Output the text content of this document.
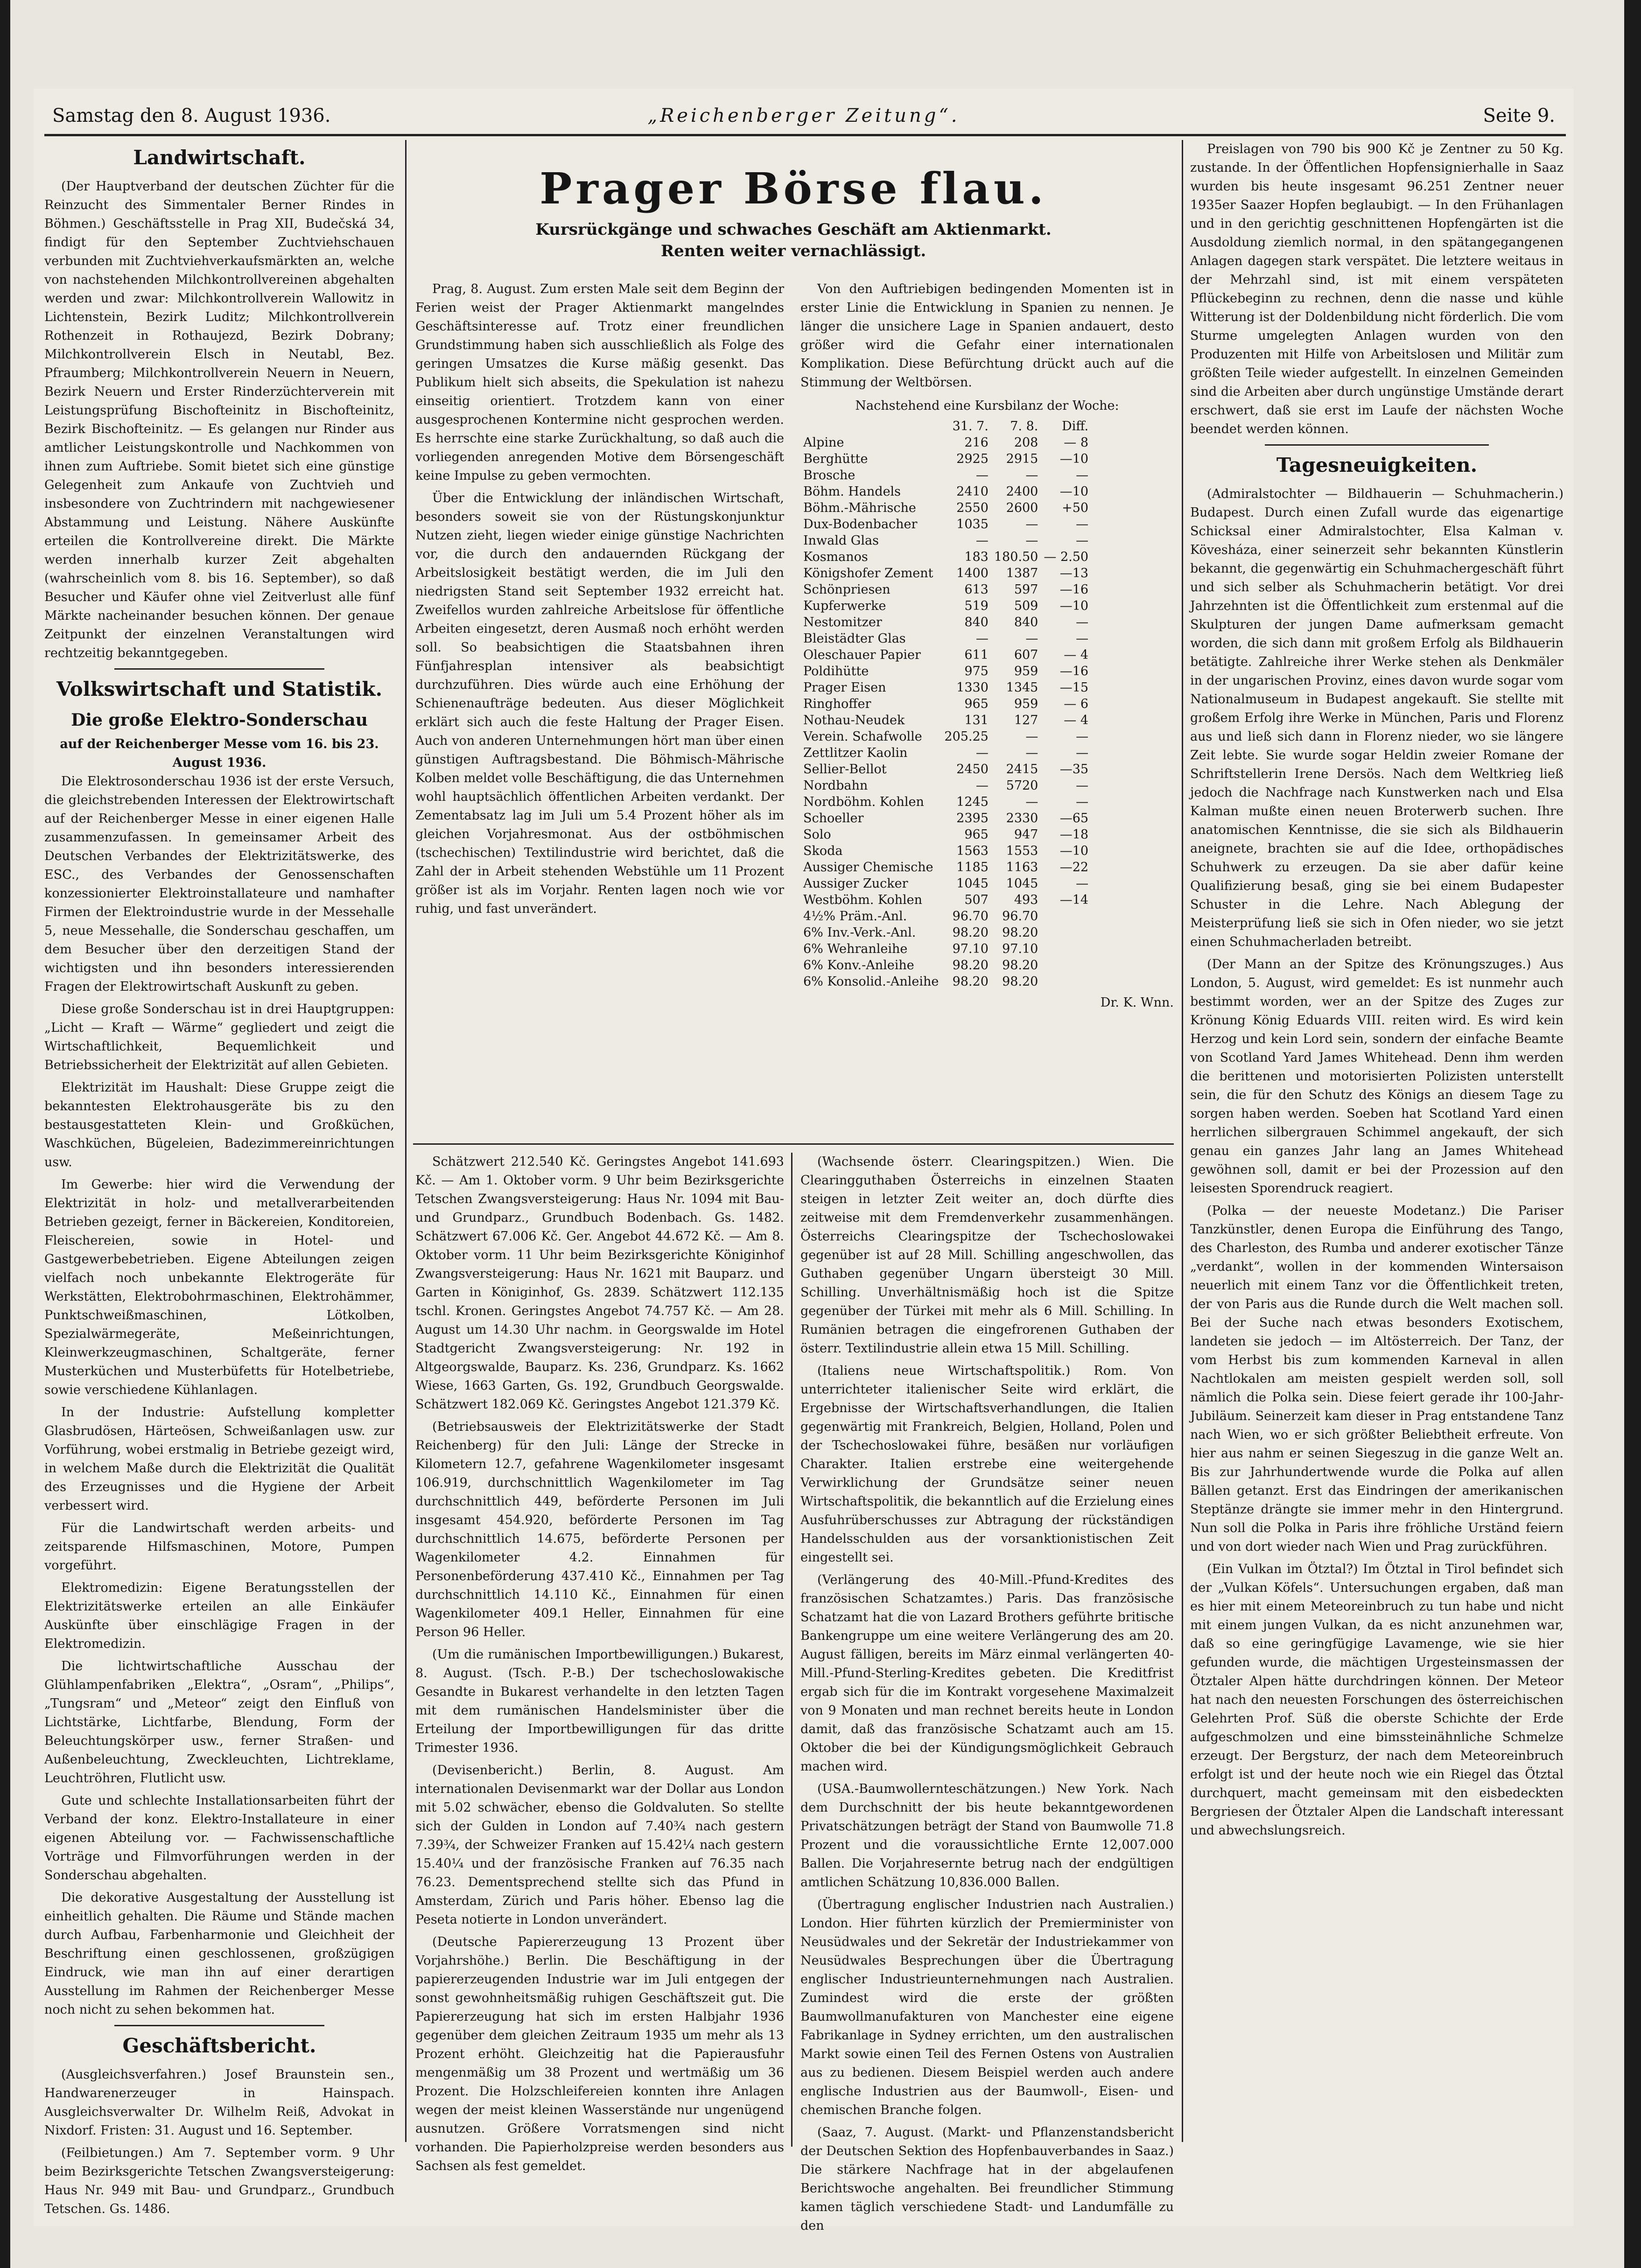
Samstag den 8. August 1936.	„Reichenberger Zeitung“.	Seite 9.
Landwirtschaft.

(Der Hauptverband der deutschen Züchter für die Reinzucht des Simmentaler Berner Rindes in Böhmen.) Geschäftsstelle in Prag XII, Budečská 34, findigt für den September Zuchtviehschauen verbunden mit Zuchtviehverkaufsmärkten an, welche von nachstehenden Milchkontrollvereinen abgehalten werden und zwar: Milchkontrollverein Wallowitz in Lichtenstein, Bezirk Luditz; Milchkontrollverein Rothenzeit in Rothaujezd, Bezirk Dobrany; Milchkontrollverein Elsch in Neutabl, Bez. Pfraumberg; Milchkontrollverein Neuern in Neuern, Bezirk Neuern und Erster Rinderzüchterverein mit Leistungsprüfung Bischofteinitz in Bischofteinitz, Bezirk Bischofteinitz. — Es gelangen nur Rinder aus amtlicher Leistungskontrolle und Nachkommen von ihnen zum Auftriebe. Somit bietet sich eine günstige Gelegenheit zum Ankaufe von Zuchtvieh und insbesondere von Zuchtrindern mit nachgewiesener Abstammung und Leistung. Nähere Auskünfte erteilen die Kontrollvereine direkt. Die Märkte werden innerhalb kurzer Zeit abgehalten (wahrscheinlich vom 8. bis 16. September), so daß Besucher und Käufer ohne viel Zeitverlust alle fünf Märkte nacheinander besuchen können. Der genaue Zeitpunkt der einzelnen Veranstaltungen wird rechtzeitig bekanntgegeben.

Volkswirtschaft und Statistik.
Die große Elektro-Sonderschau
auf der Reichenberger Messe vom 16. bis 23. August 1936.

Die Elektrosonderschau 1936 ist der erste Versuch, die gleichstrebenden Interessen der Elektrowirtschaft auf der Reichenberger Messe in einer eigenen Halle zusammenzufassen. In gemeinsamer Arbeit des Deutschen Verbandes der Elektrizitätswerke, des ESC., des Verbandes der Genossenschaften konzessionierter Elektroinstallateure und namhafter Firmen der Elektroindustrie wurde in der Messehalle 5, neue Messehalle, die Sonderschau geschaffen, um dem Besucher über den derzeitigen Stand der wichtigsten und ihn besonders interessierenden Fragen der Elektrowirtschaft Auskunft zu geben.

Diese große Sonderschau ist in drei Hauptgruppen: „Licht — Kraft — Wärme“ gegliedert und zeigt die Wirtschaftlichkeit, Bequemlichkeit und Betriebssicherheit der Elektrizität auf allen Gebieten.

Elektrizität im Haushalt: Diese Gruppe zeigt die bekanntesten Elektrohausgeräte bis zu den bestausgestatteten Klein- und Großküchen, Waschküchen, Bügeleien, Badezimmereinrichtungen usw.

Im Gewerbe: hier wird die Verwendung der Elektrizität in holz- und metallverarbeitenden Betrieben gezeigt, ferner in Bäckereien, Konditoreien, Fleischereien, sowie in Hotel- und Gastgewerbebetrieben. Eigene Abteilungen zeigen vielfach noch unbekannte Elektrogeräte für Werkstätten, Elektrobohrmaschinen, Elektrohämmer, Punktschweißmaschinen, Lötkolben, Spezialwärmegeräte, Meßeinrichtungen, Kleinwerkzeugmaschinen, Schaltgeräte, ferner Musterküchen und Musterbüfetts für Hotelbetriebe, sowie verschiedene Kühlanlagen.

In der Industrie: Aufstellung kompletter Glasbrudösen, Härteösen, Schweißanlagen usw. zur Vorführung, wobei erstmalig in Betriebe gezeigt wird, in welchem Maße durch die Elektrizität die Qualität des Erzeugnisses und die Hygiene der Arbeit verbessert wird.

Für die Landwirtschaft werden arbeits- und zeitsparende Hilfsmaschinen, Motore, Pumpen vorgeführt.

Elektromedizin: Eigene Beratungsstellen der Elektrizitätswerke erteilen an alle Einkäufer Auskünfte über einschlägige Fragen in der Elektromedizin.

Die lichtwirtschaftliche Ausschau der Glühlampenfabriken „Elektra“, „Osram“, „Philips“, „Tungsram“ und „Meteor“ zeigt den Einfluß von Lichtstärke, Lichtfarbe, Blendung, Form der Beleuchtungskörper usw., ferner Straßen- und Außenbeleuchtung, Zweckleuchten, Lichtreklame, Leuchtröhren, Flutlicht usw.

Gute und schlechte Installationsarbeiten führt der Verband der konz. Elektro-Installateure in einer eigenen Abteilung vor. — Fachwissenschaftliche Vorträge und Filmvorführungen werden in der Sonderschau abgehalten.

Die dekorative Ausgestaltung der Ausstellung ist einheitlich gehalten. Die Räume und Stände machen durch Aufbau, Farbenharmonie und Gleichheit der Beschriftung einen geschlossenen, großzügigen Eindruck, wie man ihn auf einer derartigen Ausstellung im Rahmen der Reichenberger Messe noch nicht zu sehen bekommen hat.

Geschäftsbericht.

(Ausgleichsverfahren.) Josef Braunstein sen., Handwarenerzeuger in Hainspach. Ausgleichsverwalter Dr. Wilhelm Reiß, Advokat in Nixdorf. Fristen: 31. August und 16. September.

(Feilbietungen.) Am 7. September vorm. 9 Uhr beim Bezirksgerichte Tetschen Zwangsversteigerung: Haus Nr. 949 mit Bau- und Grundparz., Grundbuch Tetschen. Gs. 1486.

Prager Börse flau.
Kursrückgänge und schwaches Geschäft am Aktienmarkt.
Renten weiter vernachlässigt.

Prag, 8. August. Zum ersten Male seit dem Beginn der Ferien weist der Prager Aktienmarkt mangelndes Geschäftsinteresse auf. Trotz einer freundlichen Grundstimmung haben sich ausschließlich als Folge des geringen Umsatzes die Kurse mäßig gesenkt. Das Publikum hielt sich abseits, die Spekulation ist nahezu einseitig orientiert. Trotzdem kann von einer ausgesprochenen Kontermine nicht gesprochen werden. Es herrschte eine starke Zurückhaltung, so daß auch die vorliegenden anregenden Motive dem Börsengeschäft keine Impulse zu geben vermochten.

Über die Entwicklung der inländischen Wirtschaft, besonders soweit sie von der Rüstungskonjunktur Nutzen zieht, liegen wieder einige günstige Nachrichten vor, die durch den andauernden Rückgang der Arbeitslosigkeit bestätigt werden, die im Juli den niedrigsten Stand seit September 1932 erreicht hat. Zweifellos wurden zahlreiche Arbeitslose für öffentliche Arbeiten eingesetzt, deren Ausmaß noch erhöht werden soll. So beabsichtigen die Staatsbahnen ihren Fünfjahresplan intensiver als beabsichtigt durchzuführen. Dies würde auch eine Erhöhung der Schienenaufträge bedeuten. Aus dieser Möglichkeit erklärt sich auch die feste Haltung der Prager Eisen. Auch von anderen Unternehmungen hört man über einen günstigen Auftragsbestand. Die Böhmisch-Mährische Kolben meldet volle Beschäftigung, die das Unternehmen wohl hauptsächlich öffentlichen Arbeiten verdankt. Der Zementabsatz lag im Juli um 5.4 Prozent höher als im gleichen Vorjahresmonat. Aus der ostböhmischen (tschechischen) Textilindustrie wird berichtet, daß die Zahl der in Arbeit stehenden Webstühle um 11 Prozent größer ist als im Vorjahr. Renten lagen noch wie vor ruhig, und fast unverändert.

Von den Auftriebigen bedingenden Momenten ist in erster Linie die Entwicklung in Spanien zu nennen. Je länger die unsichere Lage in Spanien andauert, desto größer wird die Gefahr einer internationalen Komplikation. Diese Befürchtung drückt auch auf die Stimmung der Weltbörsen.

Nachstehend eine Kursbilanz der Woche:
	31. 7.	7. 8.	Diff.
Alpine	216	208	— 8
Berghütte	2925	2915	—10
Brosche	—	—	—
Böhm. Handels	2410	2400	—10
Böhm.-Mährische	2550	2600	+50
Dux-Bodenbacher	1035	—	—
Inwald Glas	—	—	—
Kosmanos	183	180.50	— 2.50
Königshofer Zement	1400	1387	—13
Schönpriesen	613	597	—16
Kupferwerke	519	509	—10
Nestomitzer	840	840	—
Bleistädter Glas	—	—	—
Oleschauer Papier	611	607	— 4
Poldihütte	975	959	—16
Prager Eisen	1330	1345	—15
Ringhoffer	965	959	— 6
Nothau-Neudek	131	127	— 4
Verein. Schafwolle	205.25	—	—
Zettlitzer Kaolin	—	—	—
Sellier-Bellot	2450	2415	—35
Nordbahn	—	5720	—
Nordböhm. Kohlen	1245	—	—
Schoeller	2395	2330	—65
Solo	965	947	—18
Skoda	1563	1553	—10
Aussiger Chemische	1185	1163	—22
Aussiger Zucker	1045	1045	—
Westböhm. Kohlen	507	493	—14
4½% Präm.-Anl.	96.70	96.70	
6% Inv.-Verk.-Anl.	98.20	98.20	
6% Wehranleihe	97.10	97.10	
6% Konv.-Anleihe	98.20	98.20	
6% Konsolid.-Anleihe	98.20	98.20	
Dr. K. Wnn.

Schätzwert 212.540 Kč. Geringstes Angebot 141.693 Kč. — Am 1. Oktober vorm. 9 Uhr beim Bezirksgerichte Tetschen Zwangsversteigerung: Haus Nr. 1094 mit Bau- und Grundparz., Grundbuch Bodenbach. Gs. 1482. Schätzwert 67.006 Kč. Ger. Angebot 44.672 Kč. — Am 8. Oktober vorm. 11 Uhr beim Bezirksgerichte Königinhof Zwangsversteigerung: Haus Nr. 1621 mit Bauparz. und Garten in Königinhof, Gs. 2839. Schätzwert 112.135 tschl. Kronen. Geringstes Angebot 74.757 Kč. — Am 28. August um 14.30 Uhr nachm. in Georgswalde im Hotel Stadtgericht Zwangsversteigerung: Nr. 192 in Altgeorgswalde, Bauparz. Ks. 236, Grundparz. Ks. 1662 Wiese, 1663 Garten, Gs. 192, Grundbuch Georgswalde. Schätzwert 182.069 Kč. Geringstes Angebot 121.379 Kč.

(Betriebsausweis der Elektrizitätswerke der Stadt Reichenberg) für den Juli: Länge der Strecke in Kilometern 12.7, gefahrene Wagenkilometer insgesamt 106.919, durchschnittlich Wagenkilometer im Tag durchschnittlich 449, beförderte Personen im Juli insgesamt 454.920, beförderte Personen im Tag durchschnittlich 14.675, beförderte Personen per Wagenkilometer 4.2. Einnahmen für Personenbeförderung 437.410 Kč., Einnahmen per Tag durchschnittlich 14.110 Kč., Einnahmen für einen Wagenkilometer 409.1 Heller, Einnahmen für eine Person 96 Heller.

(Um die rumänischen Importbewilligungen.) Bukarest, 8. August. (Tsch. P.-B.) Der tschechoslowakische Gesandte in Bukarest verhandelte in den letzten Tagen mit dem rumänischen Handelsminister über die Erteilung der Importbewilligungen für das dritte Trimester 1936.

(Devisenbericht.) Berlin, 8. August. Am internationalen Devisenmarkt war der Dollar aus London mit 5.02 schwächer, ebenso die Goldvaluten. So stellte sich der Gulden in London auf 7.40¾ nach gestern 7.39¾, der Schweizer Franken auf 15.42¼ nach gestern 15.40¼ und der französische Franken auf 76.35 nach 76.23. Dementsprechend stellte sich das Pfund in Amsterdam, Zürich und Paris höher. Ebenso lag die Peseta notierte in London unverändert.

(Deutsche Papiererzeugung 13 Prozent über Vorjahrshöhe.) Berlin. Die Beschäftigung in der papiererzeugenden Industrie war im Juli entgegen der sonst gewohnheitsmäßig ruhigen Geschäftszeit gut. Die Papiererzeugung hat sich im ersten Halbjahr 1936 gegenüber dem gleichen Zeitraum 1935 um mehr als 13 Prozent erhöht. Gleichzeitig hat die Papierausfuhr mengenmäßig um 38 Prozent und wertmäßig um 36 Prozent. Die Holzschleifereien konnten ihre Anlagen wegen der meist kleinen Wasserstände nur ungenügend ausnutzen. Größere Vorratsmengen sind nicht vorhanden. Die Papierholzpreise werden besonders aus Sachsen als fest gemeldet.

(Wachsende österr. Clearingspitzen.) Wien. Die Clearingguthaben Österreichs in einzelnen Staaten steigen in letzter Zeit weiter an, doch dürfte dies zeitweise mit dem Fremdenverkehr zusammenhängen. Österreichs Clearingspitze der Tschechoslowakei gegenüber ist auf 28 Mill. Schilling angeschwollen, das Guthaben gegenüber Ungarn übersteigt 30 Mill. Schilling. Unverhältnismäßig hoch ist die Spitze gegenüber der Türkei mit mehr als 6 Mill. Schilling. In Rumänien betragen die eingefrorenen Guthaben der österr. Textilindustrie allein etwa 15 Mill. Schilling.

(Italiens neue Wirtschaftspolitik.) Rom. Von unterrichteter italienischer Seite wird erklärt, die Ergebnisse der Wirtschaftsverhandlungen, die Italien gegenwärtig mit Frankreich, Belgien, Holland, Polen und der Tschechoslowakei führe, besäßen nur vorläufigen Charakter. Italien erstrebe eine weitergehende Verwirklichung der Grundsätze seiner neuen Wirtschaftspolitik, die bekanntlich auf die Erzielung eines Ausfuhrüberschusses zur Abtragung der rückständigen Handelsschulden aus der vorsanktionistischen Zeit eingestellt sei.

(Verlängerung des 40-Mill.-Pfund-Kredites des französischen Schatzamtes.) Paris. Das französische Schatzamt hat die von Lazard Brothers geführte britische Bankengruppe um eine weitere Verlängerung des am 20. August fälligen, bereits im März einmal verlängerten 40-Mill.-Pfund-Sterling-Kredites gebeten. Die Kreditfrist ergab sich für die im Kontrakt vorgesehene Maximalzeit von 9 Monaten und man rechnet bereits heute in London damit, daß das französische Schatzamt auch am 15. Oktober die bei der Kündigungsmöglichkeit Gebrauch machen wird.

(USA.-Baumwollernteschätzungen.) New York. Nach dem Durchschnitt der bis heute bekanntgewordenen Privatschätzungen beträgt der Stand von Baumwolle 71.8 Prozent und die voraussichtliche Ernte 12,007.000 Ballen. Die Vorjahresernte betrug nach der endgültigen amtlichen Schätzung 10,836.000 Ballen.

(Übertragung englischer Industrien nach Australien.) London. Hier führten kürzlich der Premierminister von Neusüdwales und der Sekretär der Industriekammer von Neusüdwales Besprechungen über die Übertragung englischer Industrieunternehmungen nach Australien. Zumindest wird die erste der größten Baumwollmanufakturen von Manchester eine eigene Fabrikanlage in Sydney errichten, um den australischen Markt sowie einen Teil des Fernen Ostens von Australien aus zu bedienen. Diesem Beispiel werden auch andere englische Industrien aus der Baumwoll-, Eisen- und chemischen Branche folgen.

(Saaz, 7. August. (Markt- und Pflanzenstandsbericht der Deutschen Sektion des Hopfenbauverbandes in Saaz.) Die stärkere Nachfrage hat in der abgelaufenen Berichtswoche angehalten. Bei freundlicher Stimmung kamen täglich verschiedene Stadt- und Landumfälle zu den

Preislagen von 790 bis 900 Kč je Zentner zu 50 Kg. zustande. In der Öffentlichen Hopfensignierhalle in Saaz wurden bis heute insgesamt 96.251 Zentner neuer 1935er Saazer Hopfen beglaubigt. — In den Frühanlagen und in den gerichtig geschnittenen Hopfengärten ist die Ausdoldung ziemlich normal, in den spätangegangenen Anlagen dagegen stark verspätet. Die letztere weitaus in der Mehrzahl sind, ist mit einem verspäteten Pflückebeginn zu rechnen, denn die nasse und kühle Witterung ist der Doldenbildung nicht förderlich. Die vom Sturme umgelegten Anlagen wurden von den Produzenten mit Hilfe von Arbeitslosen und Militär zum größten Teile wieder aufgestellt. In einzelnen Gemeinden sind die Arbeiten aber durch ungünstige Umstände derart erschwert, daß sie erst im Laufe der nächsten Woche beendet werden können.

Tagesneuigkeiten.

(Admiralstochter — Bildhauerin — Schuhmacherin.) Budapest. Durch einen Zufall wurde das eigenartige Schicksal einer Admiralstochter, Elsa Kalman v. Kövesháza, einer seinerzeit sehr bekannten Künstlerin bekannt, die gegenwärtig ein Schuhmachergeschäft führt und sich selber als Schuhmacherin betätigt. Vor drei Jahrzehnten ist die Öffentlichkeit zum erstenmal auf die Skulpturen der jungen Dame aufmerksam gemacht worden, die sich dann mit großem Erfolg als Bildhauerin betätigte. Zahlreiche ihrer Werke stehen als Denkmäler in der ungarischen Provinz, eines davon wurde sogar vom Nationalmuseum in Budapest angekauft. Sie stellte mit großem Erfolg ihre Werke in München, Paris und Florenz aus und ließ sich dann in Florenz nieder, wo sie längere Zeit lebte. Sie wurde sogar Heldin zweier Romane der Schriftstellerin Irene Dersös. Nach dem Weltkrieg ließ jedoch die Nachfrage nach Kunstwerken nach und Elsa Kalman mußte einen neuen Broterwerb suchen. Ihre anatomischen Kenntnisse, die sie sich als Bildhauerin aneignete, brachten sie auf die Idee, orthopädisches Schuhwerk zu erzeugen. Da sie aber dafür keine Qualifizierung besaß, ging sie bei einem Budapester Schuster in die Lehre. Nach Ablegung der Meisterprüfung ließ sie sich in Ofen nieder, wo sie jetzt einen Schuhmacherladen betreibt.

(Der Mann an der Spitze des Krönungszuges.) Aus London, 5. August, wird gemeldet: Es ist nunmehr auch bestimmt worden, wer an der Spitze des Zuges zur Krönung König Eduards VIII. reiten wird. Es wird kein Herzog und kein Lord sein, sondern der einfache Beamte von Scotland Yard James Whitehead. Denn ihm werden die berittenen und motorisierten Polizisten unterstellt sein, die für den Schutz des Königs an diesem Tage zu sorgen haben werden. Soeben hat Scotland Yard einen herrlichen silbergrauen Schimmel angekauft, der sich genau ein ganzes Jahr lang an James Whitehead gewöhnen soll, damit er bei der Prozession auf den leisesten Sporendruck reagiert.

(Polka — der neueste Modetanz.) Die Pariser Tanzkünstler, denen Europa die Einführung des Tango, des Charleston, des Rumba und anderer exotischer Tänze „verdankt“, wollen in der kommenden Wintersaison neuerlich mit einem Tanz vor die Öffentlichkeit treten, der von Paris aus die Runde durch die Welt machen soll. Bei der Suche nach etwas besonders Exotischem, landeten sie jedoch — im Altösterreich. Der Tanz, der vom Herbst bis zum kommenden Karneval in allen Nachtlokalen am meisten gespielt werden soll, soll nämlich die Polka sein. Diese feiert gerade ihr 100-Jahr-Jubiläum. Seinerzeit kam dieser in Prag entstandene Tanz nach Wien, wo er sich größter Beliebtheit erfreute. Von hier aus nahm er seinen Siegeszug in die ganze Welt an. Bis zur Jahrhundertwende wurde die Polka auf allen Bällen getanzt. Erst das Eindringen der amerikanischen Steptänze drängte sie immer mehr in den Hintergrund. Nun soll die Polka in Paris ihre fröhliche Urständ feiern und von dort wieder nach Wien und Prag zurückführen.

(Ein Vulkan im Ötztal?) Im Ötztal in Tirol befindet sich der „Vulkan Köfels“. Untersuchungen ergaben, daß man es hier mit einem Meteoreinbruch zu tun habe und nicht mit einem jungen Vulkan, da es nicht anzunehmen war, daß so eine geringfügige Lavamenge, wie sie hier gefunden wurde, die mächtigen Urgesteinsmassen der Ötztaler Alpen hätte durchdringen können. Der Meteor hat nach den neuesten Forschungen des österreichischen Gelehrten Prof. Süß die oberste Schichte der Erde aufgeschmolzen und eine bimssteinähnliche Schmelze erzeugt. Der Bergsturz, der nach dem Meteoreinbruch erfolgt ist und der heute noch wie ein Riegel das Ötztal durchquert, macht gemeinsam mit den eisbedeckten Bergriesen der Ötztaler Alpen die Landschaft interessant und abwechslungsreich.
